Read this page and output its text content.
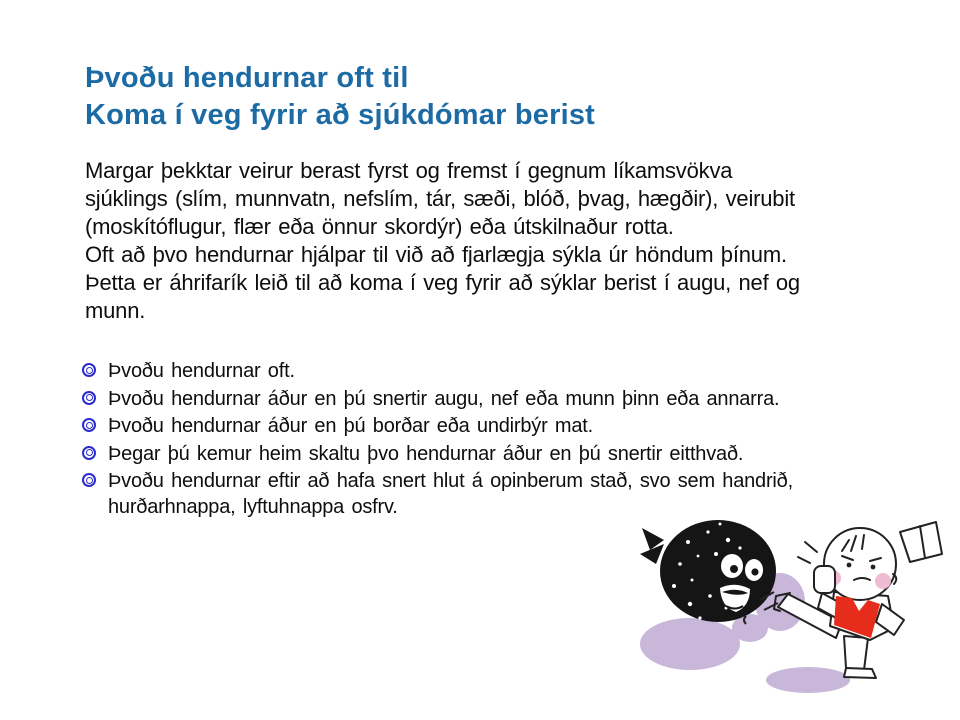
Þvoðu hendurnar oft til
Koma í veg fyrir að sjúkdómar berist
Margar þekktar veirur berast fyrst og fremst í gegnum líkamsvökva
sjúklings (slím, munnvatn, nefslím, tár, sæði, blóð, þvag, hægðir), veirubit
(moskítóflugur, flær eða önnur skordýr) eða útskilnaður rotta.
Oft að þvo hendurnar hjálpar til við að fjarlægja sýkla úr höndum þínum.
Þetta er áhrifarík leið til að koma í veg fyrir að sýklar berist í augu, nef og
munn.
Þvoðu hendurnar oft.
Þvoðu hendurnar áður en þú snertir augu, nef eða munn þinn eða annarra.
Þvoðu hendurnar áður en þú borðar eða undirbýr mat.
Þegar þú kemur heim skaltu þvo hendurnar áður en þú snertir eitthvað.
Þvoðu hendurnar eftir að hafa snert hlut á opinberum stað, svo sem handrið, hurðarhnappa, lyftuhnappa osfrv.
